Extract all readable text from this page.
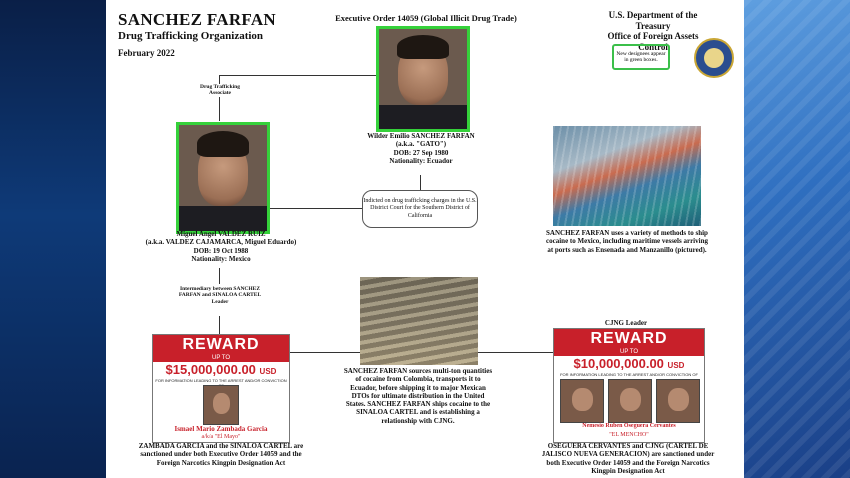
SANCHEZ FARFAN
Drug Trafficking Organization
February 2022
Executive Order 14059 (Global Illicit Drug Trade)	U.S. Department of the Treasury
Office of Foreign Assets Control
New designees appear in green boxes.
Wilder Emilio SANCHEZ FARFAN
(a.k.a. "GATO")
DOB: 27 Sep 1980
Nationality: Ecuador
Drug Trafficking Associate
Miguel Angel VALDEZ RUIZ
(a.k.a. VALDEZ CAJAMARCA, Miguel Eduardo)
DOB: 19 Oct 1988
Nationality: Mexico
Indicted on drug trafficking charges in the U.S. District Court for the Southern District of California
Intermediary between SANCHEZ FARFAN and SINALOA CARTEL Leader
SANCHEZ FARFAN uses a variety of methods to ship cocaine to Mexico, including maritime vessels arriving at ports such as Ensenada and Manzanillo (pictured).
SANCHEZ FARFAN sources multi-ton quantities of cocaine from Colombia, transports it to Ecuador, before shipping it to major Mexican DTOs for ultimate distribution in the United States. SANCHEZ FARFAN ships cocaine to the SINALOA CARTEL and is establishing a relationship with CJNG.
CJNG Leader
REWARD
UP TO
$15,000,000.00 USD
FOR INFORMATION LEADING TO THE ARREST AND/OR CONVICTION
Ismael Mario Zambada Garcia
a/k/a "El Mayo"
ZAMBADA GARCIA and the SINALOA CARTEL are sanctioned under both Executive Order 14059 and the Foreign Narcotics Kingpin Designation Act
REWARD
UP TO
$10,000,000.00 USD
FOR INFORMATION LEADING TO THE ARREST AND/OR CONVICTION OF
Nemesio Ruben Oseguera Cervantes
"EL MENCHO"
OSEGUERA CERVANTES and CJNG (CARTEL DE JALISCO NUEVA GENERACION) are sanctioned under both Executive Order 14059 and the Foreign Narcotics Kingpin Designation Act
